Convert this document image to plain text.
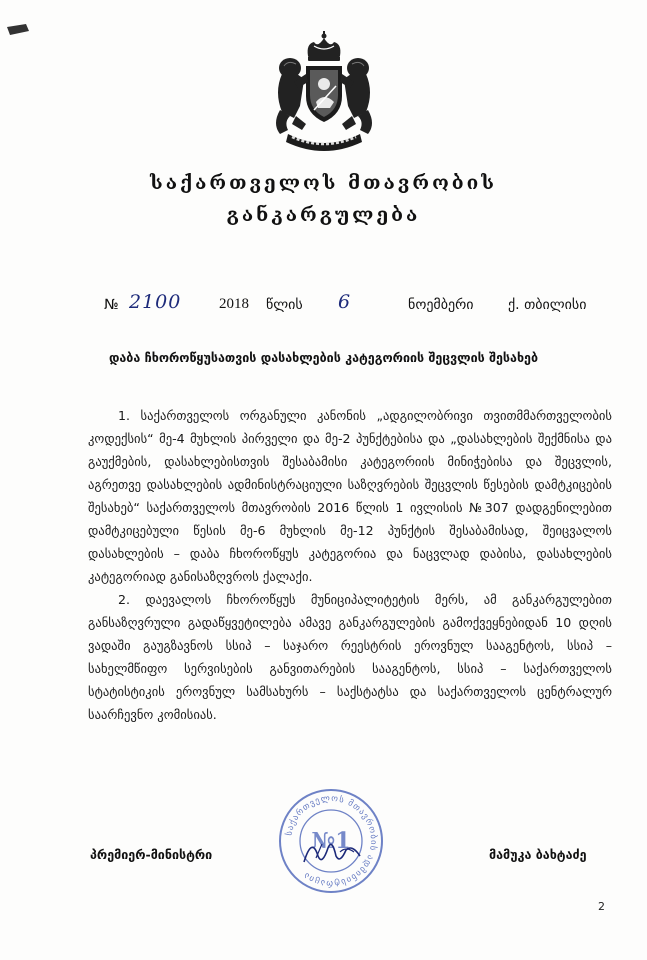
საქართველოს მთავრობის
განკარგულება
№ 2100	2018 წლის 6	ნოემბერი ქ. თბილისი
დაბა ჩხოროწყუსათვის დასახლების კატეგორიის შეცვლის შესახებ

1. საქართველოს ორგანული კანონის „ადგილობრივი თვითმმართველობის კოდექსის“ მე-4 მუხლის პირველი და მე-2 პუნქტებისა და „დასახლების შექმნისა და გაუქმების, დასახლებისთვის შესაბამისი კატეგორიის მინიჭებისა და შეცვლის, აგრეთვე დასახლების ადმინისტრაციული საზღვრების შეცვლის წესების დამტკიცების შესახებ“ საქართველოს მთავრობის 2016 წლის 1 ივლისის №307 დადგენილებით დამტკიცებული წესის მე-6 მუხლის მე-12 პუნქტის შესაბამისად, შეიცვალოს დასახლების – დაბა ჩხოროწყუს კატეგორია და ნაცვლად დაბისა, დასახლების კატეგორიად განისაზღვროს ქალაქი.

2. დაევალოს ჩხოროწყუს მუნიციპალიტეტის მერს, ამ განკარგულებით განსაზღვრული გადაწყვეტილება ამავე განკარგულების გამოქვეყნებიდან 10 დღის ვადაში გაუგზავნოს სსიპ – საჯარო რეესტრის ეროვნულ სააგენტოს, სსიპ – სახელმწიფო სერვისების განვითარების სააგენტოს, სსიპ – საქართველოს სტატისტიკის ეროვნულ სამსახურს – საქსტატსა და საქართველოს ცენტრალურ საარჩევნო კომისიას.

საქართველოს მთავრობის ადმინისტრაცია
№1
პრემიერ-მინისტრი	მამუკა ბახტაძე
2
